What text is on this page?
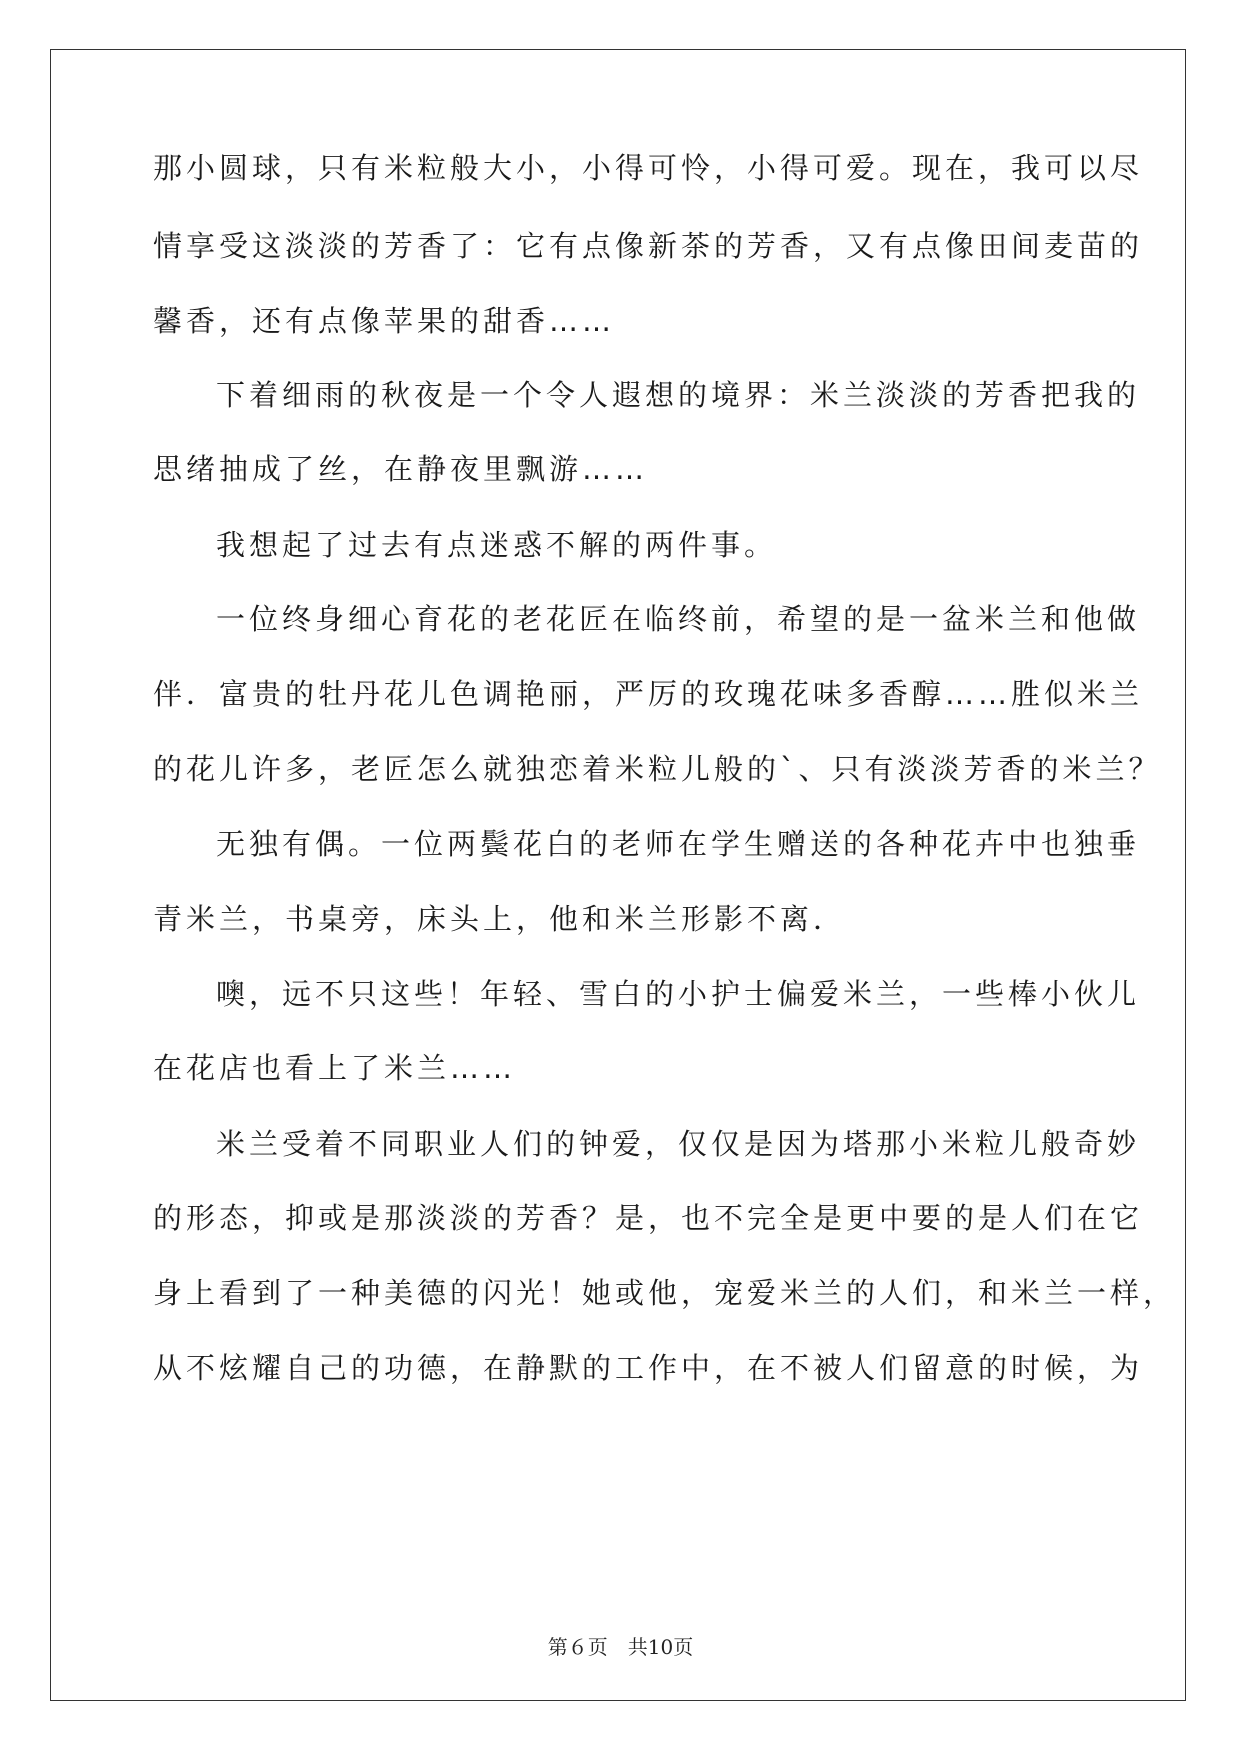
那小圆球，只有米粒般大小，小得可怜，小得可爱。现在，我可以尽
情享受这淡淡的芳香了：它有点像新茶的芳香，又有点像田间麦苗的
馨香，还有点像苹果的甜香……
下着细雨的秋夜是一个令人遐想的境界：米兰淡淡的芳香把我的
思绪抽成了丝，在静夜里飘游……
我想起了过去有点迷惑不解的两件事。
一位终身细心育花的老花匠在临终前，希望的是一盆米兰和他做
伴．富贵的牡丹花儿色调艳丽，严厉的玫瑰花味多香醇……胜似米兰
的花儿许多，老匠怎么就独恋着米粒儿般的`、只有淡淡芳香的米兰？
无独有偶。一位两鬓花白的老师在学生赠送的各种花卉中也独垂
青米兰，书桌旁，床头上，他和米兰形影不离．
噢，远不只这些！年轻、雪白的小护士偏爱米兰，一些棒小伙儿
在花店也看上了米兰……
米兰受着不同职业人们的钟爱，仅仅是因为塔那小米粒儿般奇妙
的形态，抑或是那淡淡的芳香？是，也不完全是更中要的是人们在它
身上看到了一种美德的闪光！她或他，宠爱米兰的人们，和米兰一样，
从不炫耀自己的功德，在静默的工作中，在不被人们留意的时候，为
第６页　共10页
